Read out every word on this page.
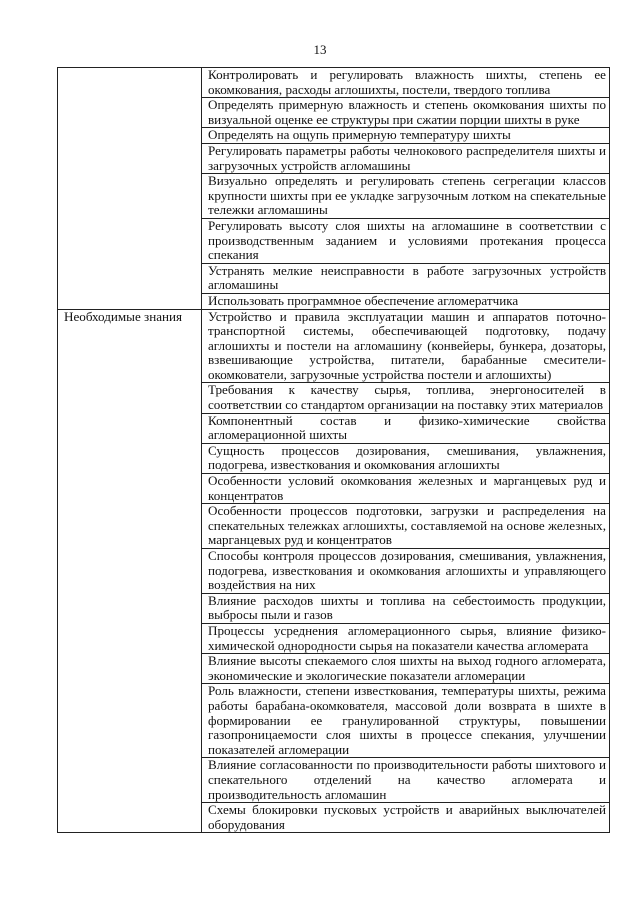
13
	Контролировать и регулировать влажность шихты, степень ее окомкования, расходы аглошихты, постели, твердого топлива
	Определять примерную влажность и степень окомкования шихты по визуальной оценке ее структуры при сжатии порции шихты в руке
	Определять на ощупь примерную температуру шихты
	Регулировать параметры работы челнокового распределителя шихты и загрузочных устройств агломашины
	Визуально определять и регулировать степень сегрегации классов крупности шихты при ее укладке загрузочным лотком на спекательные тележки агломашины
	Регулировать высоту слоя шихты на агломашине в соответствии с производственным заданием и условиями протекания процесса спекания
	Устранять мелкие неисправности в работе загрузочных устройств агломашины
	Использовать программное обеспечение агломератчика
Необходимые знания	Устройство и правила эксплуатации машин и аппаратов поточно-транспортной системы, обеспечивающей подготовку, подачу аглошихты и постели на агломашину (конвейеры, бункера, дозаторы, взвешивающие устройства, питатели, барабанные смесители-окомкователи, загрузочные устройства постели и аглошихты)
	Требования к качеству сырья, топлива, энергоносителей в соответствии со стандартом организации на поставку этих материалов
	Компонентный состав и физико-химические свойства агломерационной шихты
	Сущность процессов дозирования, смешивания, увлажнения, подогрева, известкования и окомкования аглошихты
	Особенности условий окомкования железных и марганцевых руд и концентратов
	Особенности процессов подготовки, загрузки и распределения на спекательных тележках аглошихты, составляемой на основе железных, марганцевых руд и концентратов
	Способы контроля процессов дозирования, смешивания, увлажнения, подогрева, известкования и окомкования аглошихты и управляющего воздействия на них
	Влияние расходов шихты и топлива на себестоимость продукции, выбросы пыли и газов
	Процессы усреднения агломерационного сырья, влияние физико-химической однородности сырья на показатели качества агломерата
	Влияние высоты спекаемого слоя шихты на выход годного агломерата, экономические и экологические показатели агломерации
	Роль влажности, степени известкования, температуры шихты, режима работы барабана-окомкователя, массовой доли возврата в шихте в формировании ее гранулированной структуры, повышении газопроницаемости слоя шихты в процессе спекания, улучшении показателей агломерации
	Влияние согласованности по производительности работы шихтового и спекательного отделений на качество агломерата и производительность агломашин
	Схемы блокировки пусковых устройств и аварийных выключателей оборудования
